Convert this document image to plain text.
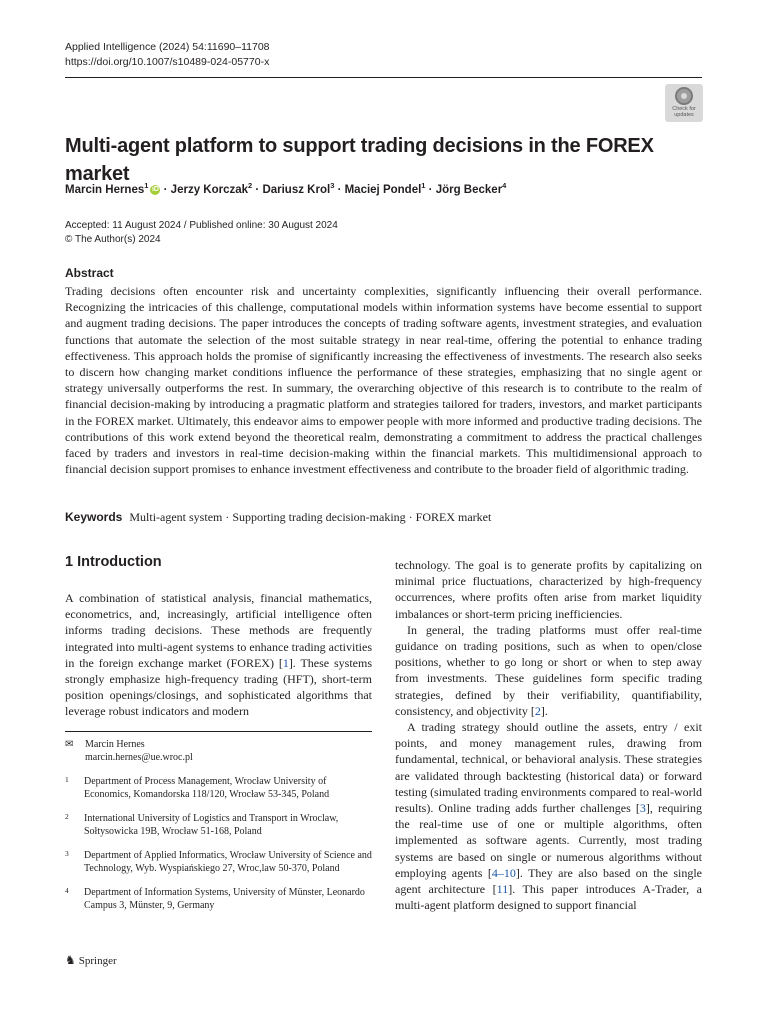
Applied Intelligence (2024) 54:11690–11708
https://doi.org/10.1007/s10489-024-05770-x
Check for
updates
Multi-agent platform to support trading decisions in the FOREX market
Marcin Hernes$^1$ iD · Jerzy Korczak$^2$ · Dariusz Krol$^3$ · Maciej Pondel$^1$ · Jörg Becker$^4$
Accepted: 11 August 2024 / Published online: 30 August 2024
© The Author(s) 2024
Abstract
Trading decisions often encounter risk and uncertainty complexities, significantly influencing their overall performance. Recognizing the intricacies of this challenge, computational models within information systems have become essential to support and augment trading decisions. The paper introduces the concepts of trading software agents, investment strategies, and evaluation functions that automate the selection of the most suitable strategy in near real-time, offering the potential to enhance trading effectiveness. This approach holds the promise of significantly increasing the effectiveness of investments. The research also seeks to discern how changing market conditions influence the performance of these strategies, emphasizing that no single agent or strategy universally outperforms the rest. In summary, the overarching objective of this research is to contribute to the realm of financial decision-making by introducing a pragmatic platform and strategies tailored for traders, investors, and market participants in the FOREX market. Ultimately, this endeavor aims to empower people with more informed and productive trading decisions. The contributions of this work extend beyond the theoretical realm, demonstrating a commitment to address the practical challenges faced by traders and investors in real-time decision-making within the financial markets. This multidimensional approach to financial decision support promises to enhance investment effectiveness and contribute to the broader field of algorithmic trading.
Keywords Multi-agent system · Supporting trading decision-making · FOREX market
1 Introduction

A combination of statistical analysis, financial mathematics, econometrics, and, increasingly, artificial intelligence often informs trading decisions. These methods are frequently integrated into multi-agent systems to enhance trading activities in the foreign exchange market (FOREX) [1]. These systems strongly emphasize high-frequency trading (HFT), short-term position openings/closings, and sophisticated algorithms that leverage robust indicators and modern

technology. The goal is to generate profits by capitalizing on minimal price fluctuations, characterized by high-frequency occurrences, where profits often arise from market liquidity imbalances or short-term pricing inefficiencies.

In general, the trading platforms must offer real-time guidance on trading positions, such as when to open/close positions, whether to go long or short or when to step away from investments. These guidelines form specific trading strategies, defined by their verifiability, quantifiability, consistency, and objectivity [2].

A trading strategy should outline the assets, entry / exit points, and money management rules, drawing from fundamental, technical, or behavioral analysis. These strategies are validated through backtesting (historical data) or forward testing (simulated trading environments compared to real-world results). Online trading adds further challenges [3], requiring the real-time use of one or multiple algorithms, often implemented as software agents. Currently, most trading systems are based on single or numerous algorithms without employing agents [4–10]. They are also based on the single agent architecture [11]. This paper introduces A-Trader, a multi-agent platform designed to support financial

✉	Marcin Hernes
marcin.hernes@ue.wroc.pl
1	Department of Process Management, Wrocław University of Economics, Komandorska 118/120, Wrocław 53-345, Poland
2	International University of Logistics and Transport in Wroclaw, Sołtysowicka 19B, Wrocław 51-168, Poland
3	Department of Applied Informatics, Wrocław University of Science and Technology, Wyb. Wyspiańskiego 27, Wroc,law 50-370, Poland
4	Department of Information Systems, University of Münster, Leonardo Campus 3, Münster, 9, Germany
♞ Springer
